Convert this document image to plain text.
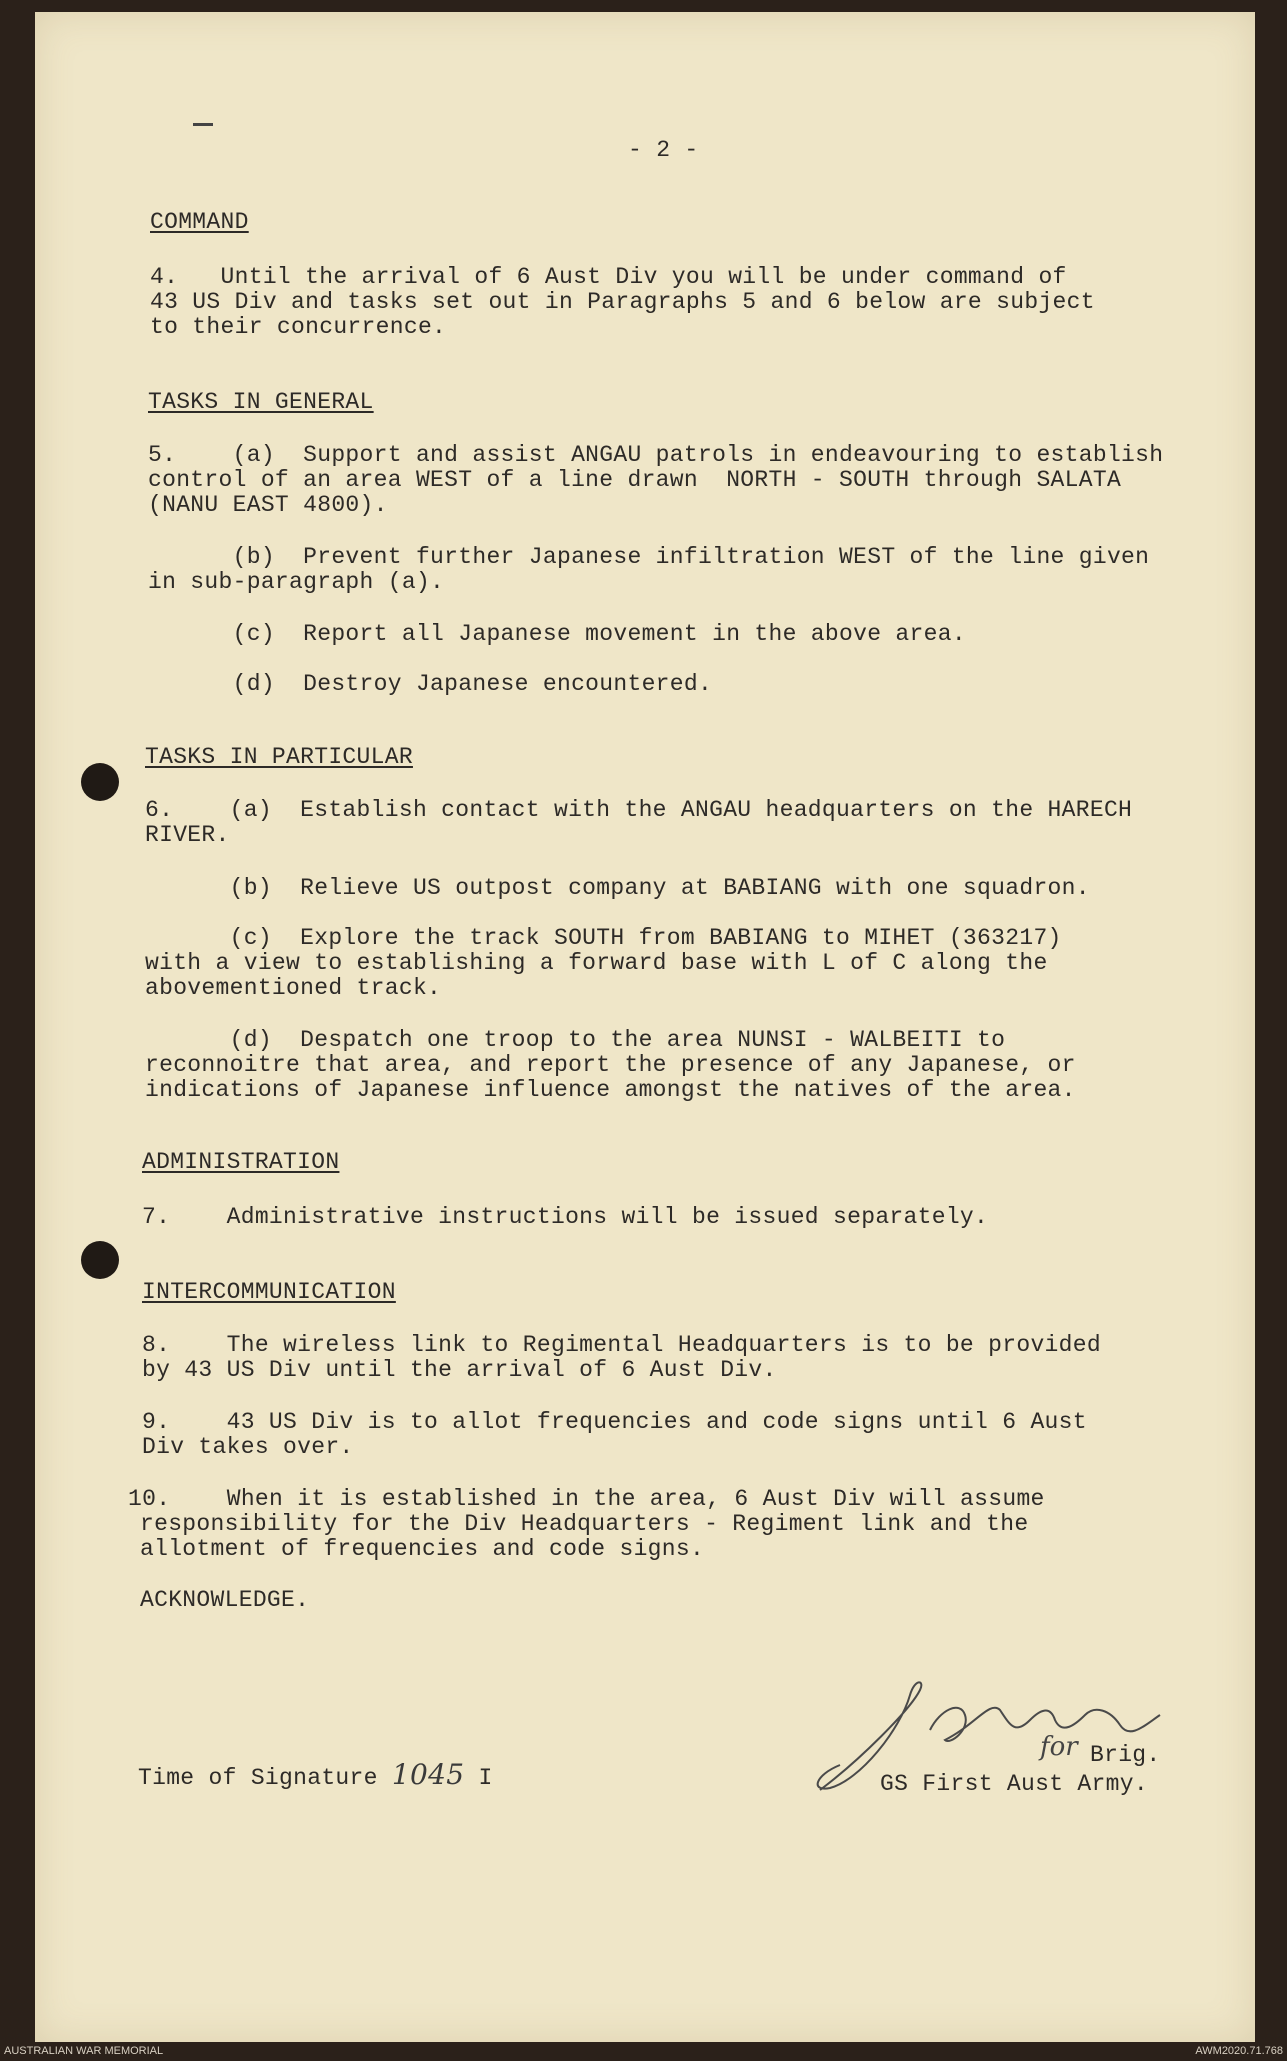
- 2 -
COMMAND
4.   Until the arrival of 6 Aust Div you will be under command of
43 US Div and tasks set out in Paragraphs 5 and 6 below are subject
to their concurrence.
TASKS IN GENERAL
5.    (a)  Support and assist ANGAU patrols in endeavouring to establish
control of an area WEST of a line drawn  NORTH - SOUTH through SALATA
(NANU EAST 4800).
(b)  Prevent further Japanese infiltration WEST of the line given
in sub-paragraph (a).
(c)  Report all Japanese movement in the above area.
(d)  Destroy Japanese encountered.
TASKS IN PARTICULAR
6.    (a)  Establish contact with the ANGAU headquarters on the HARECH
RIVER.
(b)  Relieve US outpost company at BABIANG with one squadron.
(c)  Explore the track SOUTH from BABIANG to MIHET (363217)
with a view to establishing a forward base with L of C along the
abovementioned track.
(d)  Despatch one troop to the area NUNSI - WALBEITI to
reconnoitre that area, and report the presence of any Japanese, or
indications of Japanese influence amongst the natives of the area.
ADMINISTRATION
7.    Administrative instructions will be issued separately.
INTERCOMMUNICATION
8.    The wireless link to Regimental Headquarters is to be provided
by 43 US Div until the arrival of 6 Aust Div.
9.    43 US Div is to allot frequencies and code signs until 6 Aust
Div takes over.
10.    When it is established in the area, 6 Aust Div will assume
responsibility for the Div Headquarters - Regiment link and the
allotment of frequencies and code signs.
ACKNOWLEDGE.
Time of Signature 1045 I
for Brig.
GS First Aust Army.
AUSTRALIAN WAR MEMORIAL	AWM2020.71.768
